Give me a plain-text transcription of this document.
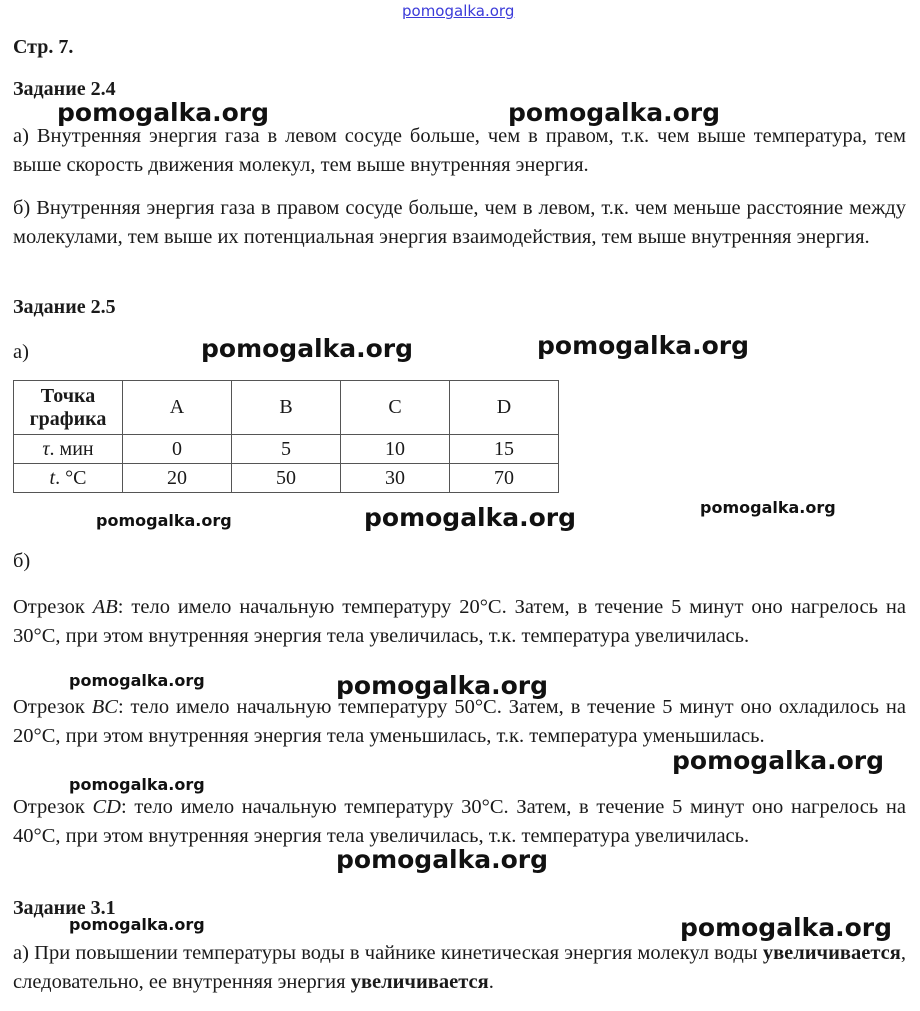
pomogalka.org
Стр. 7.
Задание 2.4
а) Внутренняя энергия газа в левом сосуде больше, чем в правом, т.к. чем выше температура, тем выше скорость движения молекул, тем выше внутренняя энергия.
б) Внутренняя энергия газа в правом сосуде больше, чем в левом, т.к. чем меньше расстояние между молекулами, тем выше их потенциальная энергия взаимодействия, тем выше внутренняя энергия.
Задание 2.5
а)
Точка
графика	A	B	C	D
τ. мин	0	5	10	15
t. °С	20	50	30	70
б)
Отрезок AB: тело имело начальную температуру 20°С. Затем, в течение 5 минут оно нагрелось на 30°С, при этом внутренняя энергия тела увеличилась, т.к. температура увеличилась.
Отрезок BC: тело имело начальную температуру 50°С. Затем, в течение 5 минут оно охладилось на 20°С, при этом внутренняя энергия тела уменьшилась, т.к. температура уменьшилась.
Отрезок CD: тело имело начальную температуру 30°С. Затем, в течение 5 минут оно нагрелось на 40°С, при этом внутренняя энергия тела увеличилась, т.к. температура увеличилась.
Задание 3.1
а) При повышении температуры воды в чайнике кинетическая энергия молекул воды увеличивается, следовательно, ее внутренняя энергия увеличивается.
pomogalka.org	pomogalka.org
pomogalka.org	pomogalka.org
pomogalka.org	pomogalka.org	pomogalka.org
pomogalka.org	pomogalka.org
pomogalka.org
pomogalka.org
pomogalka.org
pomogalka.org	pomogalka.org
